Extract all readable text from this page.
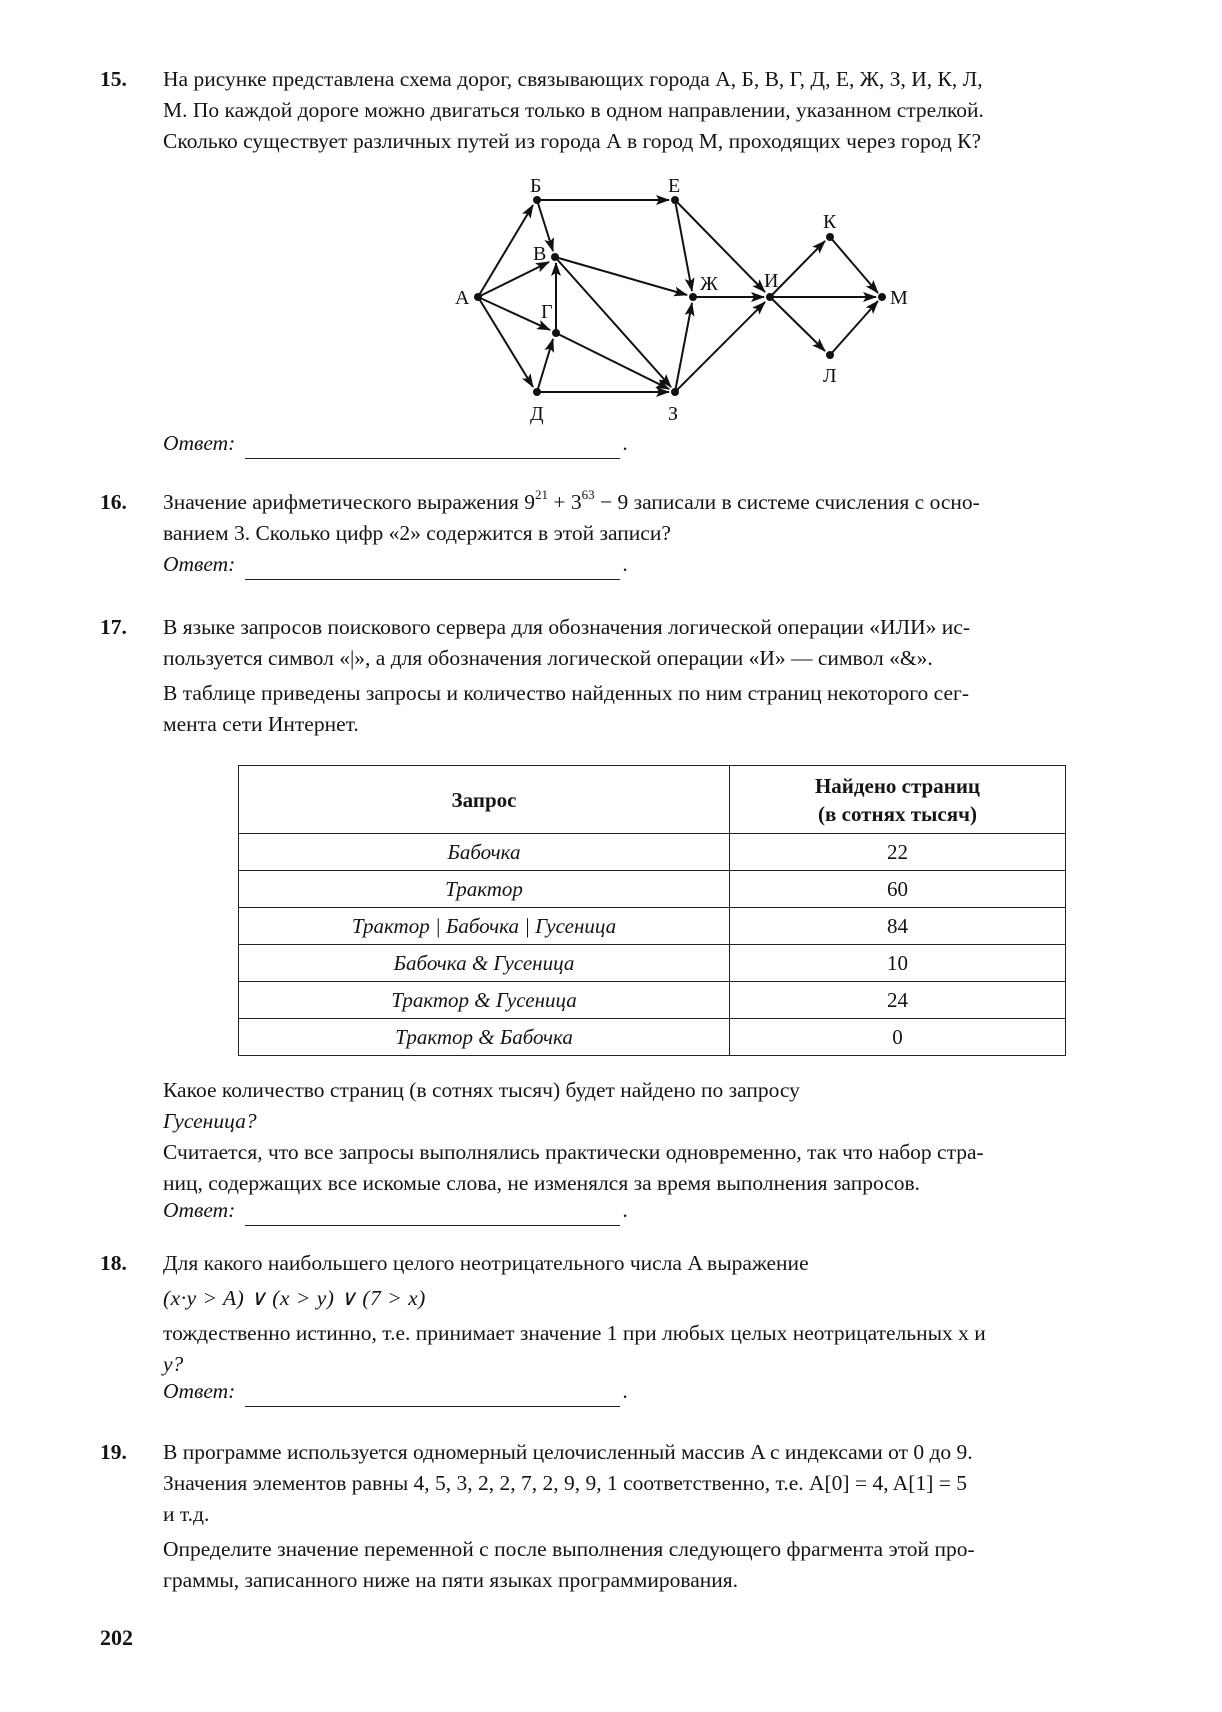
15. На рисунке представлена схема дорог, связывающих города А, Б, В, Г, Д, Е, Ж, З, И, К, Л,
М. По каждой дороге можно двигаться только в одном направлении, указанном стрелкой.
Сколько существует различных путей из города А в город М, проходящих через город К?
А
Б
В
Г
Д
Е
Ж
З
И
К
Л
М
Ответ:	.
16. Значение арифметического выражения $9^{21} + 3^{63} - 9$ записали в системе счисления с осно-
ванием 3. Сколько цифр «2» содержится в этой записи?
Ответ:	.
17. В языке запросов поискового сервера для обозначения логической операции «ИЛИ» ис-
пользуется символ «|», а для обозначения логической операции «И» — символ «&».
В таблице приведены запросы и количество найденных по ним страниц некоторого сег-
мента сети Интернет.
Запрос	Найдено страниц
(в сотнях тысяч)
Бабочка	22
Трактор	60
Трактор | Бабочка | Гусеница	84
Бабочка & Гусеница	10
Трактор & Гусеница	24
Трактор & Бабочка	0
Какое количество страниц (в сотнях тысяч) будет найдено по запросу
Гусеница?
Считается, что все запросы выполнялись практически одновременно, так что набор стра-
ниц, содержащих все искомые слова, не изменялся за время выполнения запросов.
Ответ:	.
18. Для какого наибольшего целого неотрицательного числа A выражение
(x·y > A) ∨ (x > y) ∨ (7 > x)
тождественно истинно, т.е. принимает значение 1 при любых целых неотрицательных x и
y?
Ответ:	.
19. В программе используется одномерный целочисленный массив A с индексами от 0 до 9.
Значения элементов равны 4, 5, 3, 2, 2, 7, 2, 9, 9, 1 соответственно, т.е. A[0] = 4, A[1] = 5
и т.д.
Определите значение переменной c после выполнения следующего фрагмента этой про-
граммы, записанного ниже на пяти языках программирования.
202
